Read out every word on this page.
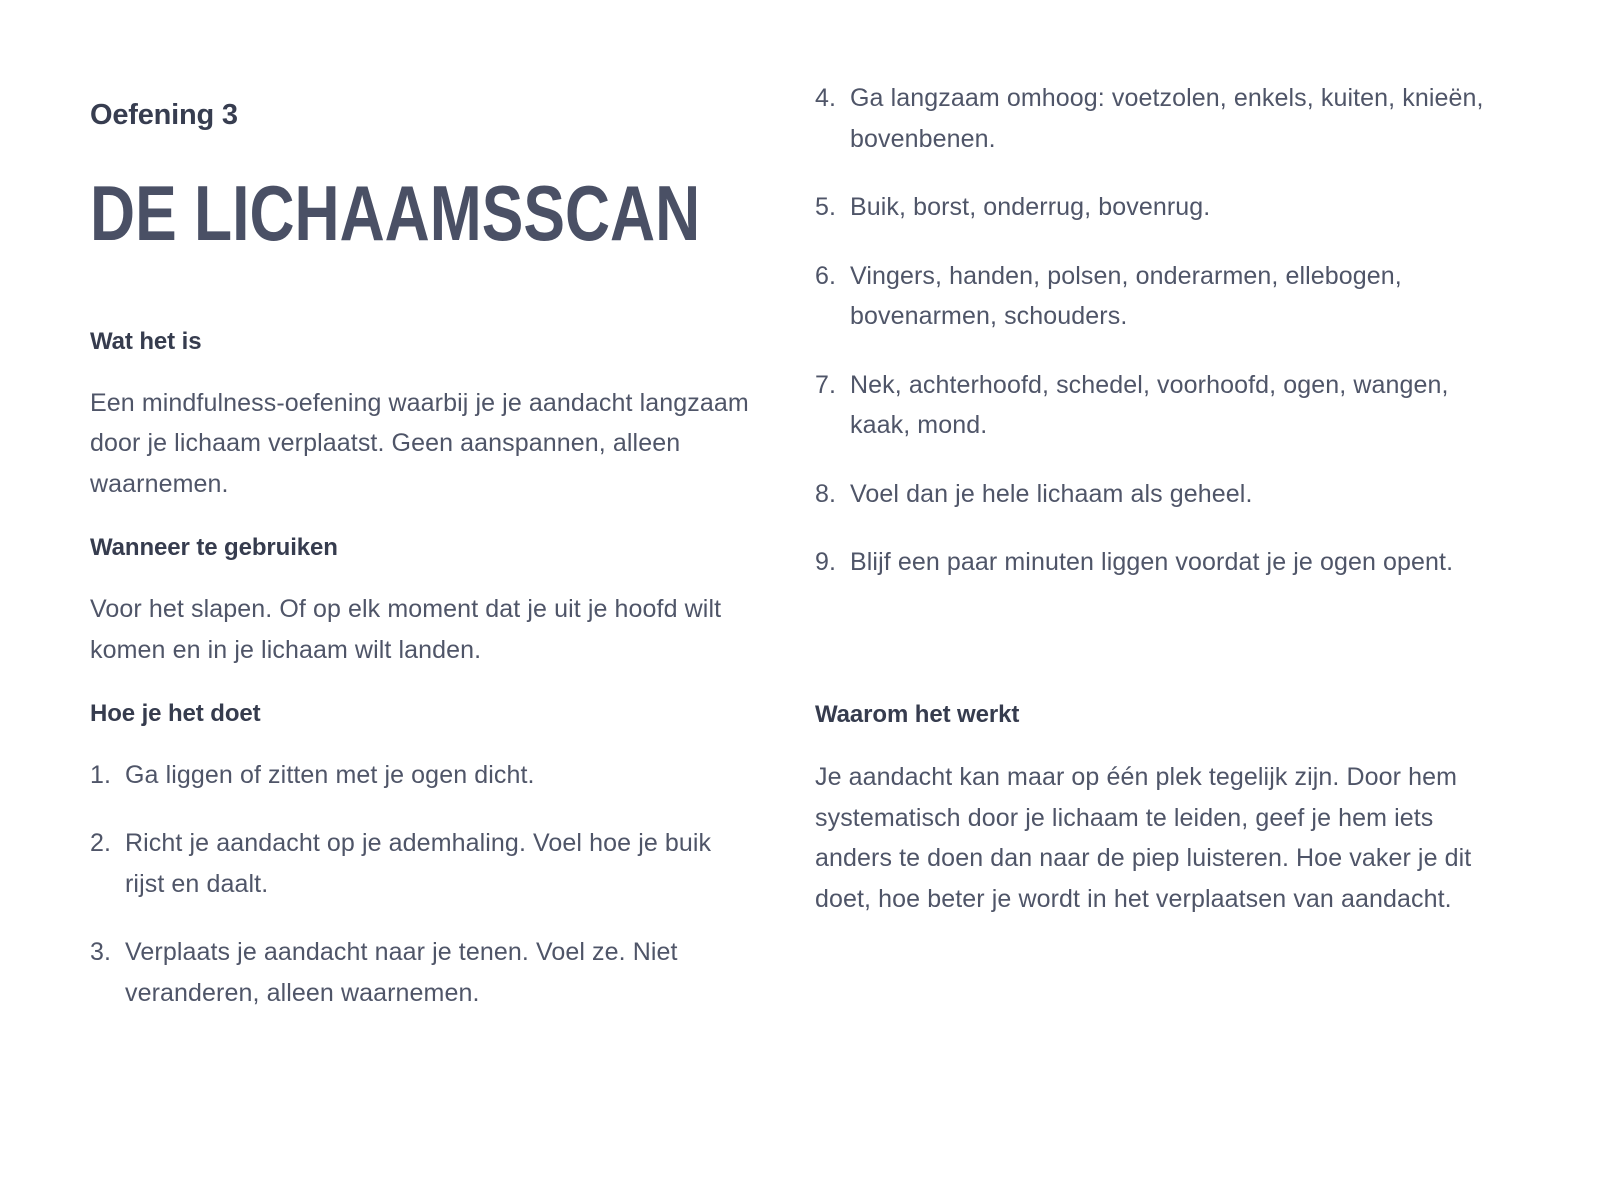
Oefening 3
DE LICHAAMSSCAN
Wat het is

Een mindfulness-oefening waarbij je je aandacht langzaam door je lichaam verplaatst. Geen aanspannen, alleen waarnemen.

Wanneer te gebruiken

Voor het slapen. Of op elk moment dat je uit je hoofd wilt komen en in je lichaam wilt landen.

Hoe je het doet
1. Ga liggen of zitten met je ogen dicht.
2. Richt je aandacht op je ademhaling. Voel hoe je buik rijst en daalt.
3. Verplaats je aandacht naar je tenen. Voel ze. Niet veranderen, alleen waarnemen.
4. Ga langzaam omhoog: voetzolen, enkels, kuiten, knieën, bovenbenen.
5. Buik, borst, onderrug, bovenrug.
6. Vingers, handen, polsen, onderarmen, ellebogen, bovenarmen, schouders.
7. Nek, achterhoofd, schedel, voorhoofd, ogen, wangen, kaak, mond.
8. Voel dan je hele lichaam als geheel.
9. Blijf een paar minuten liggen voordat je je ogen opent.
Waarom het werkt

Je aandacht kan maar op één plek tegelijk zijn. Door hem systematisch door je lichaam te leiden, geef je hem iets anders te doen dan naar de piep luisteren. Hoe vaker je dit doet, hoe beter je wordt in het verplaatsen van aandacht.
